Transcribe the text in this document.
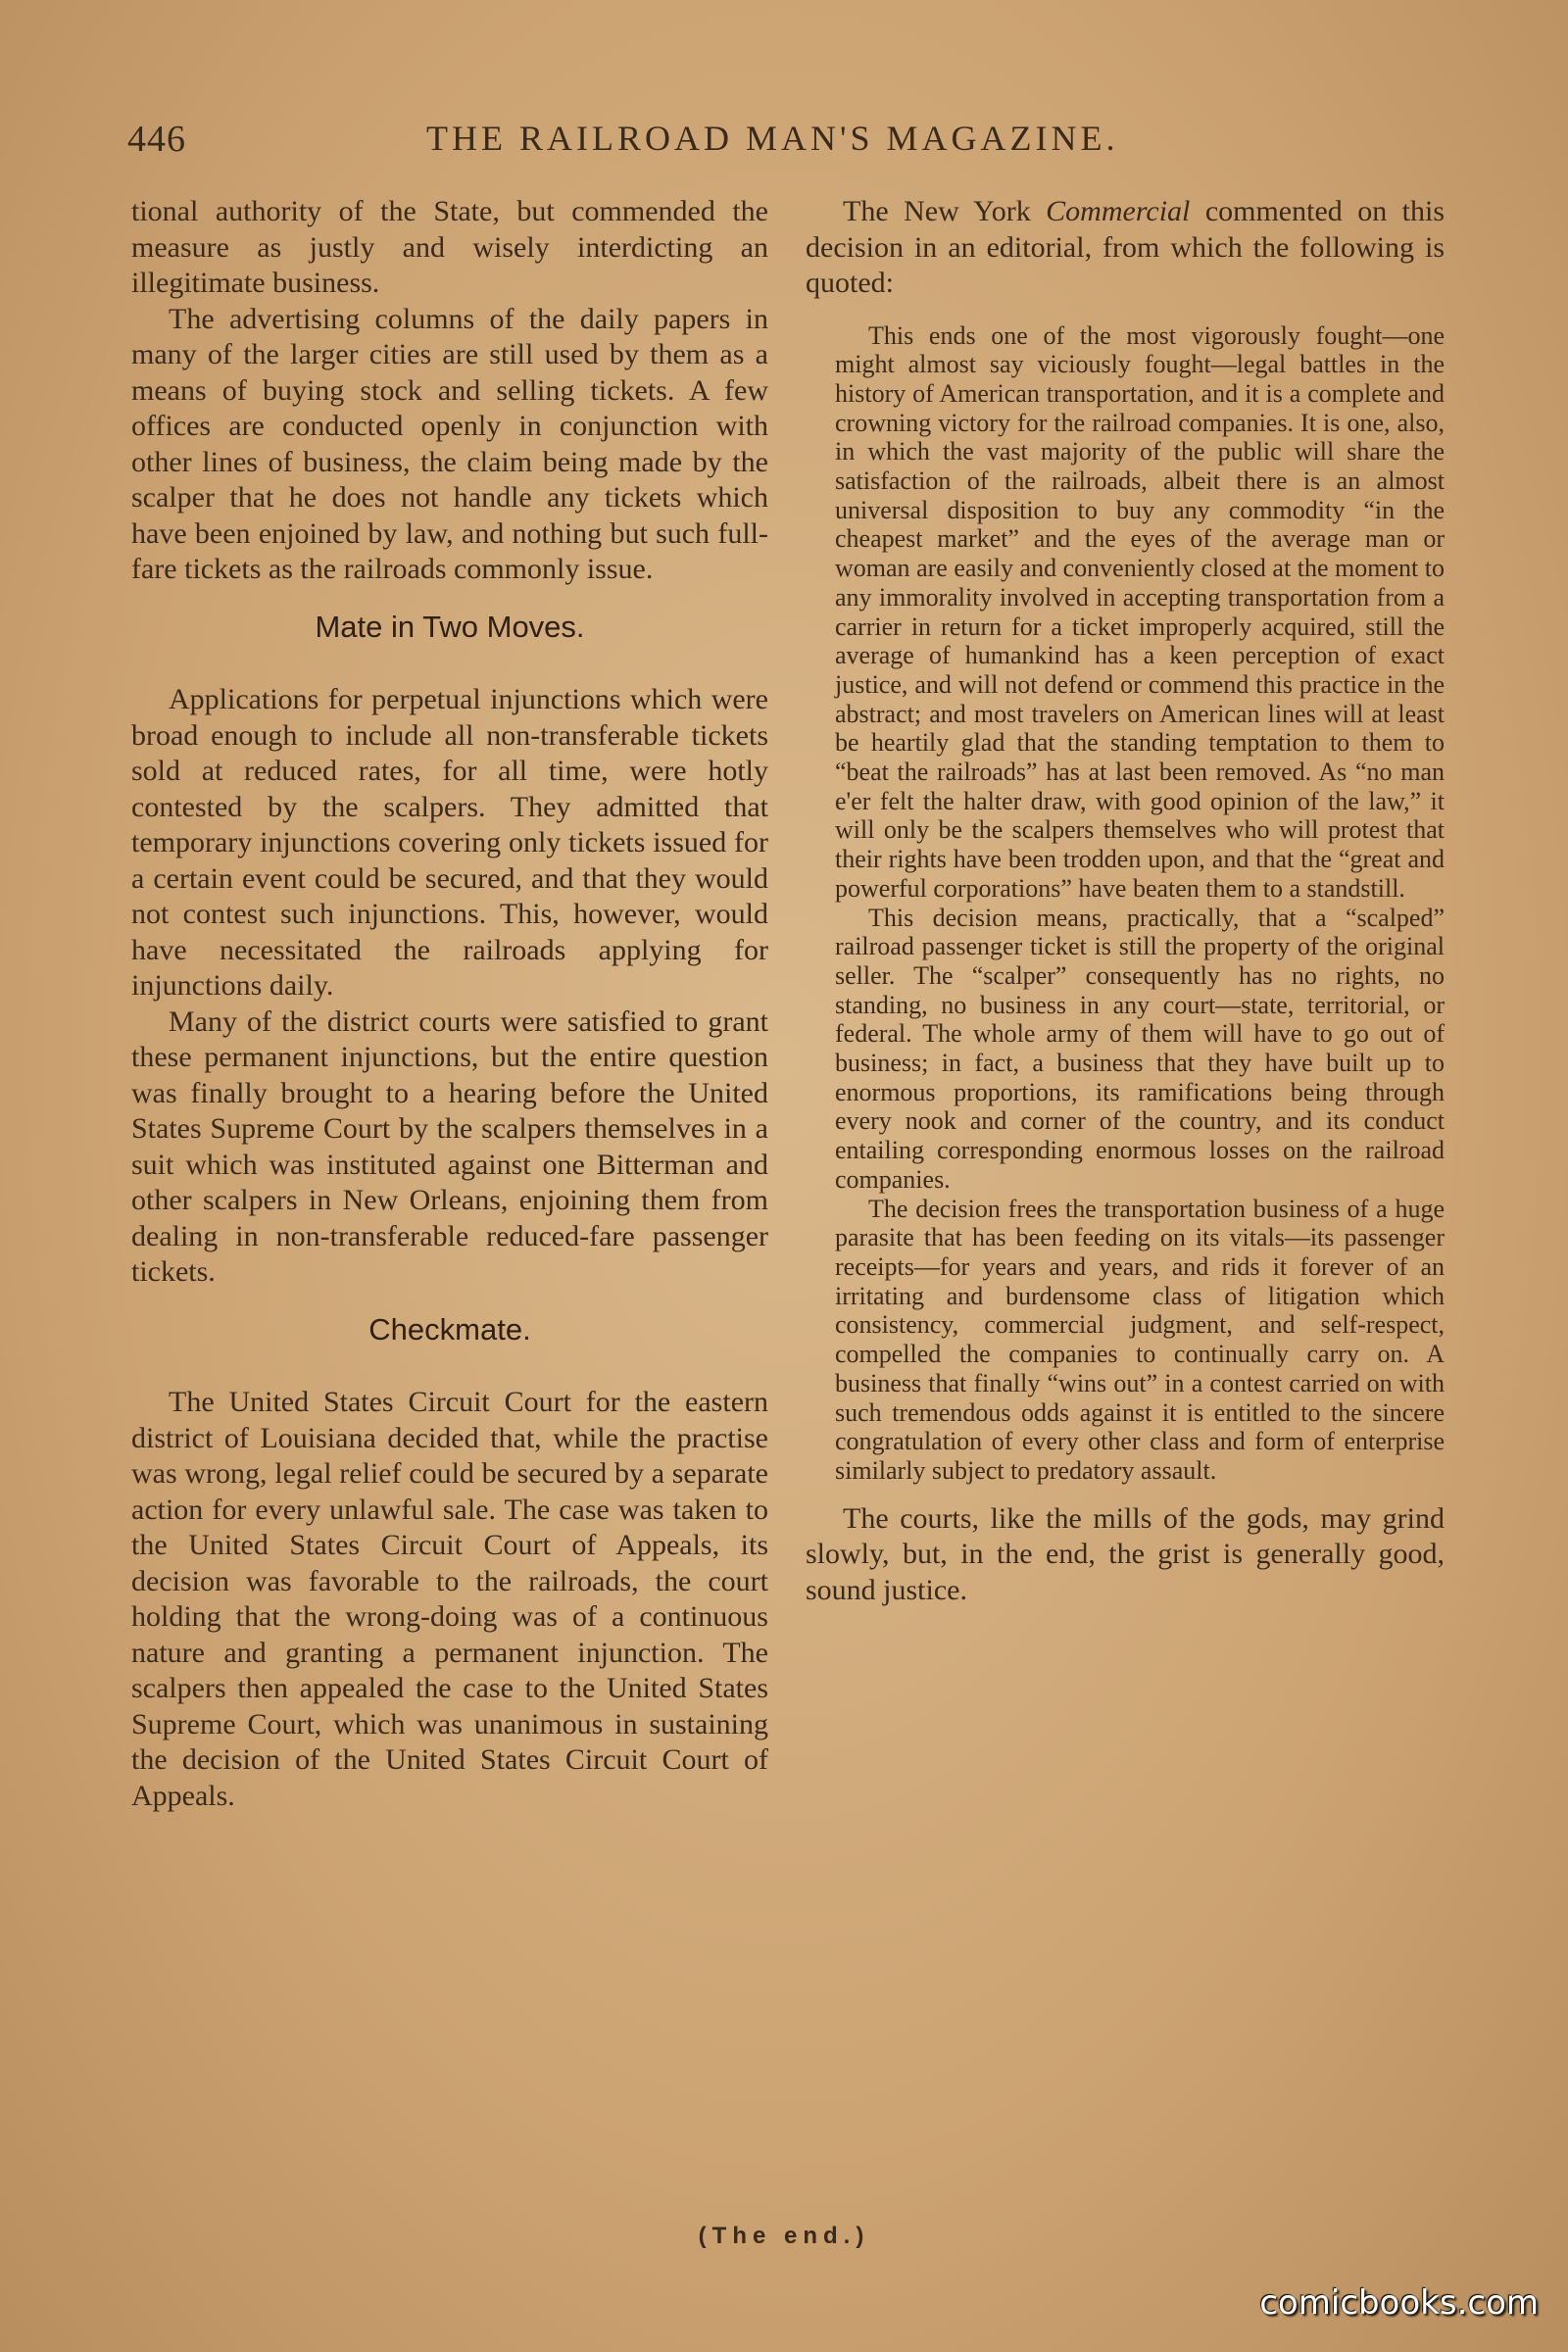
446	THE RAILROAD MAN'S MAGAZINE.

tional authority of the State, but commended the measure as justly and wisely interdicting an illegitimate business.

The advertising columns of the daily papers in many of the larger cities are still used by them as a means of buying stock and selling tickets. A few offices are conducted openly in conjunction with other lines of business, the claim being made by the scalper that he does not handle any tickets which have been enjoined by law, and nothing but such full-fare tickets as the railroads commonly issue.

Mate in Two Moves.

Applications for perpetual injunctions which were broad enough to include all non-transferable tickets sold at reduced rates, for all time, were hotly contested by the scalpers. They admitted that temporary injunctions covering only tickets issued for a certain event could be secured, and that they would not contest such injunctions. This, however, would have necessitated the railroads applying for injunctions daily.

Many of the district courts were satisfied to grant these permanent injunctions, but the entire question was finally brought to a hearing before the United States Supreme Court by the scalpers themselves in a suit which was instituted against one Bitterman and other scalpers in New Orleans, enjoining them from dealing in non-transferable reduced-fare passenger tickets.

Checkmate.

The United States Circuit Court for the eastern district of Louisiana decided that, while the practise was wrong, legal relief could be secured by a separate action for every unlawful sale. The case was taken to the United States Circuit Court of Appeals, its decision was favorable to the railroads, the court holding that the wrong-doing was of a continuous nature and granting a permanent injunction. The scalpers then appealed the case to the United States Supreme Court, which was unanimous in sustaining the decision of the United States Circuit Court of Appeals.

The New York Commercial commented on this decision in an editorial, from which the following is quoted:

This ends one of the most vigorously fought—one might almost say viciously fought—legal battles in the history of American transportation, and it is a complete and crowning victory for the railroad companies. It is one, also, in which the vast majority of the public will share the satisfaction of the railroads, albeit there is an almost universal disposition to buy any commodity “in the cheapest market” and the eyes of the average man or woman are easily and conveniently closed at the moment to any immorality involved in accepting transportation from a carrier in return for a ticket improperly acquired, still the average of humankind has a keen perception of exact justice, and will not defend or commend this practice in the abstract; and most travelers on American lines will at least be heartily glad that the standing temptation to them to “beat the railroads” has at last been removed. As “no man e'er felt the halter draw, with good opinion of the law,” it will only be the scalpers themselves who will protest that their rights have been trodden upon, and that the “great and powerful corporations” have beaten them to a standstill.

This decision means, practically, that a “scalped” railroad passenger ticket is still the property of the original seller. The “scalper” consequently has no rights, no standing, no business in any court—state, territorial, or federal. The whole army of them will have to go out of business; in fact, a business that they have built up to enormous proportions, its ramifications being through every nook and corner of the country, and its conduct entailing corresponding enormous losses on the railroad companies.

The decision frees the transportation business of a huge parasite that has been feeding on its vitals—its passenger receipts—for years and years, and rids it forever of an irritating and burdensome class of litigation which consistency, commercial judgment, and self-respect, compelled the companies to continually carry on. A business that finally “wins out” in a contest carried on with such tremendous odds against it is entitled to the sincere congratulation of every other class and form of enterprise similarly subject to predatory assault.

The courts, like the mills of the gods, may grind slowly, but, in the end, the grist is generally good, sound justice.

(The end.)
comicbooks.com
